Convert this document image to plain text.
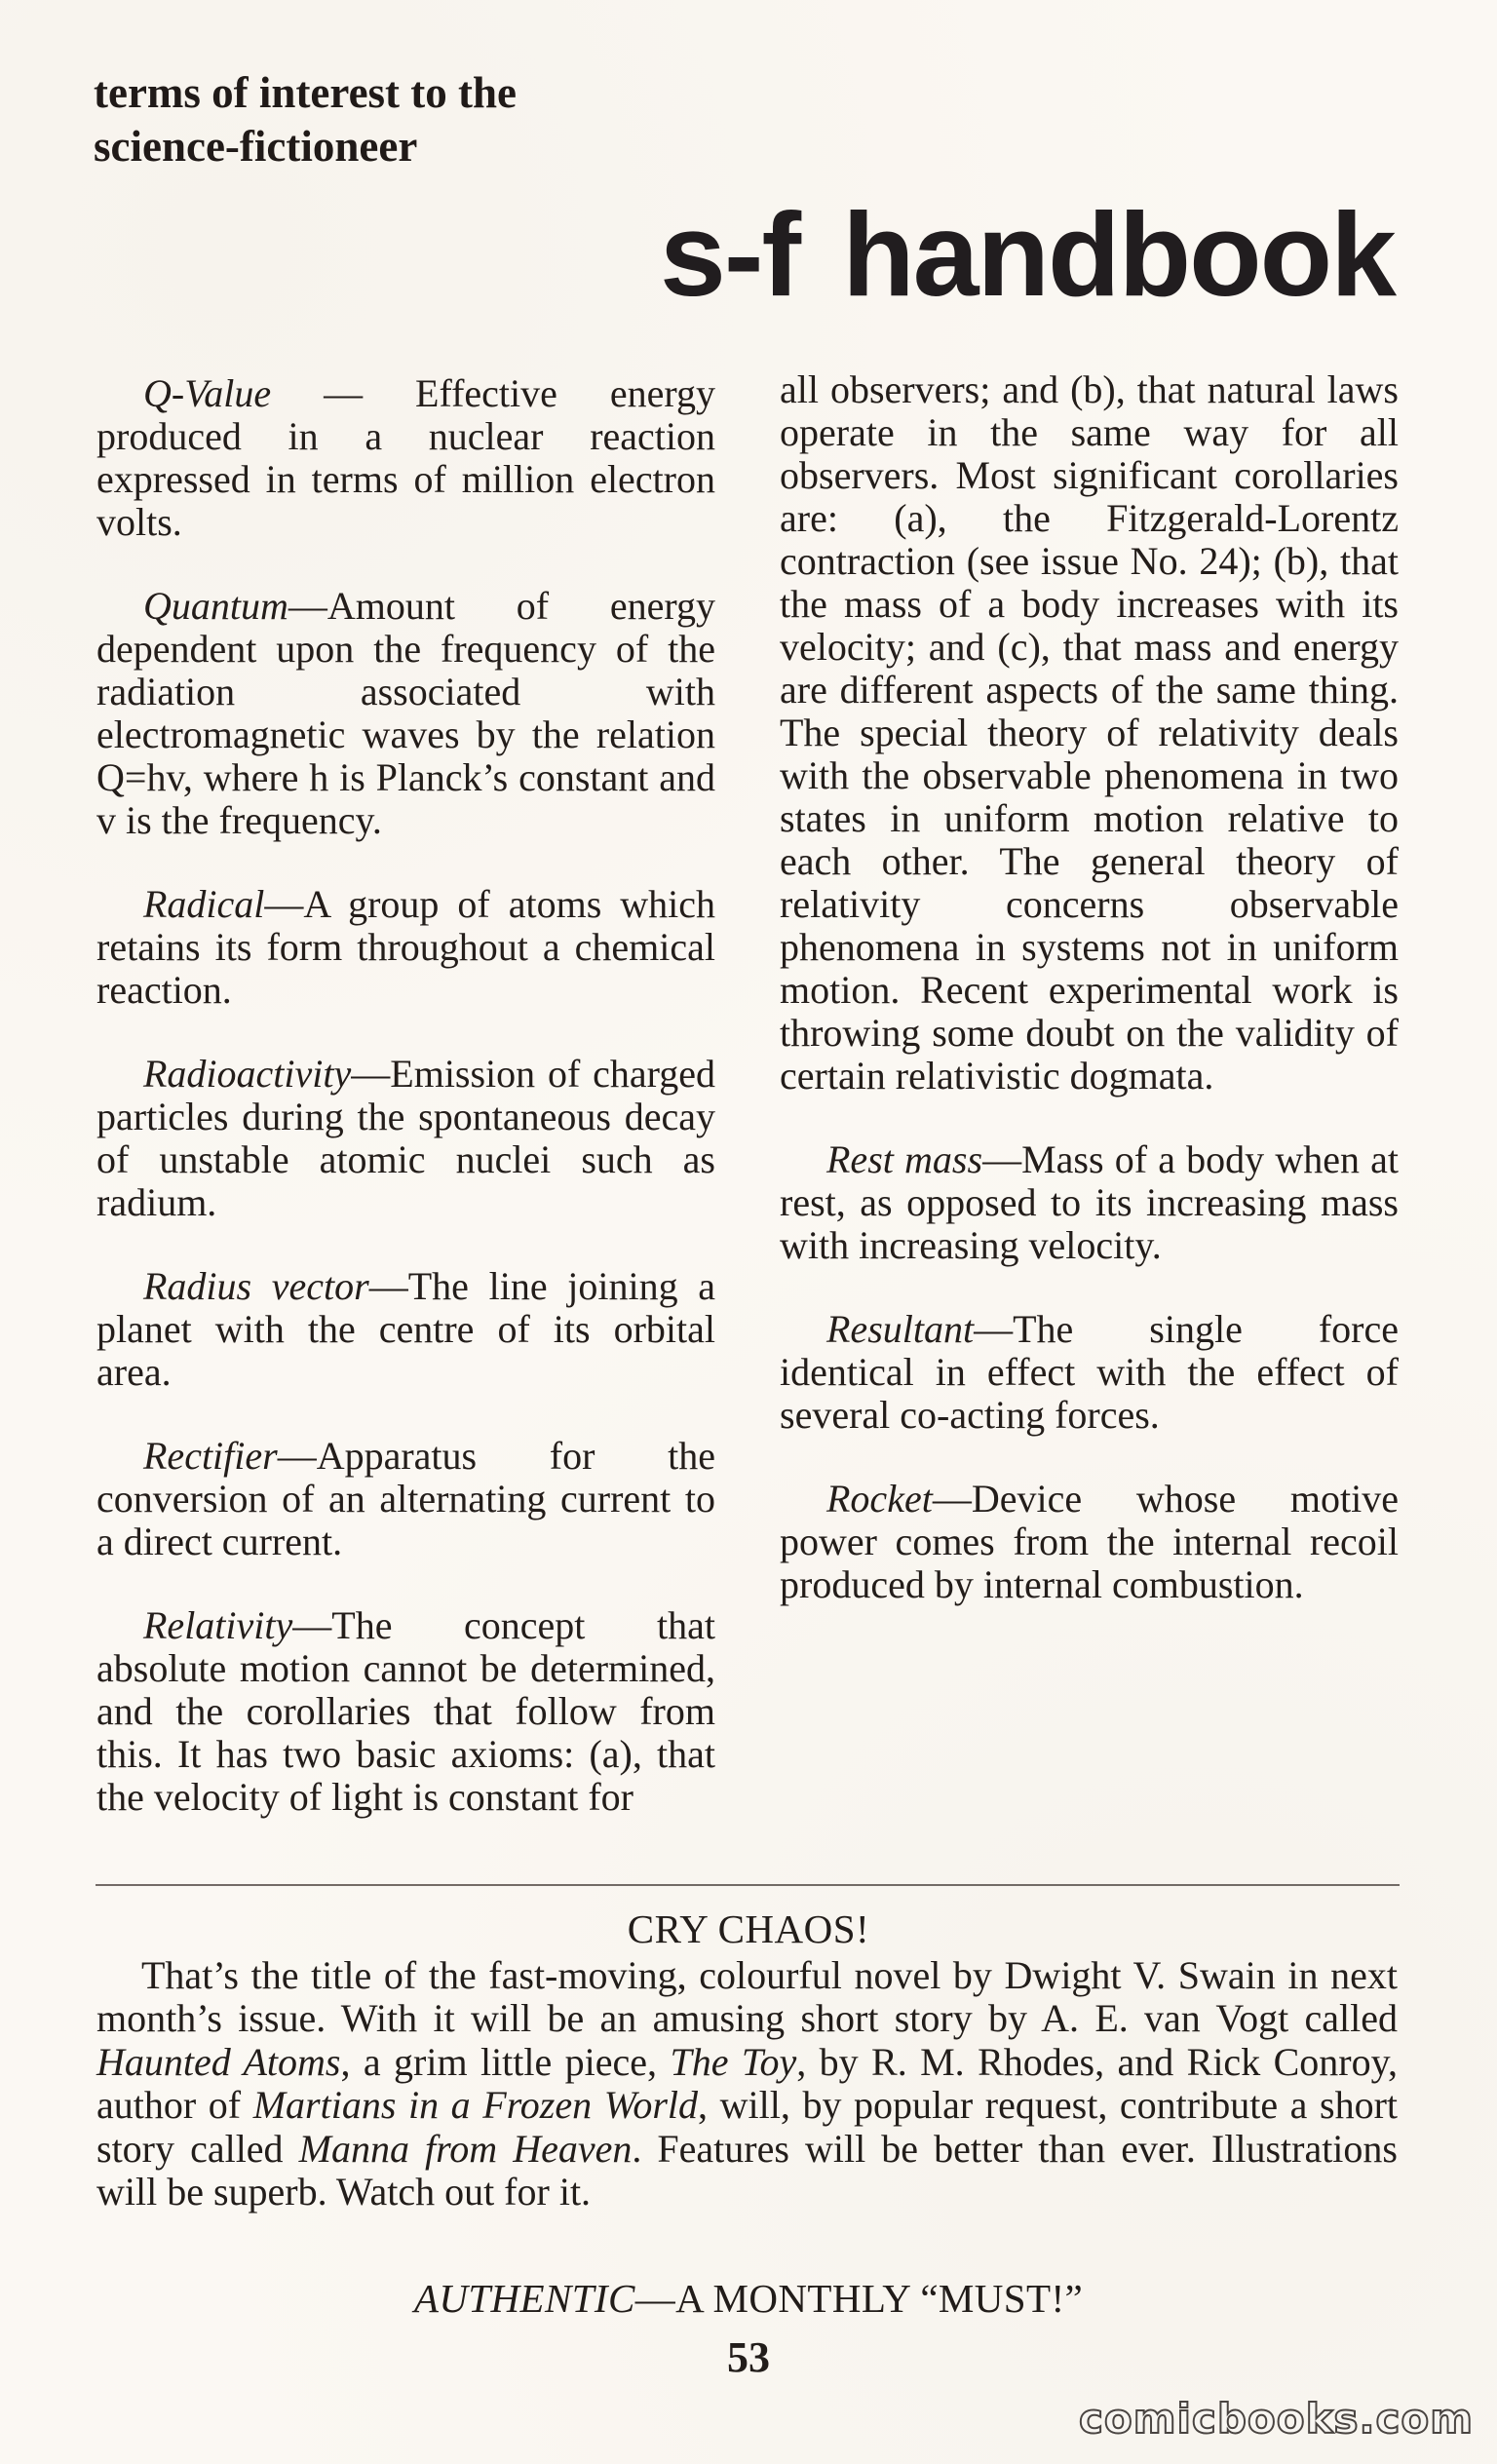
terms of interest to the
science-fictioneer
s-f handbook

Q-Value — Effective energy produced in a nuclear reaction expressed in terms of million electron volts.

Quantum—Amount of energy dependent upon the frequency of the radiation associated with electromagnetic waves by the relation Q=hv, where h is Planck’s constant and v is the frequency.

Radical—A group of atoms which retains its form throughout a chemical reaction.

Radioactivity—Emission of charged particles during the spontaneous decay of unstable atomic nuclei such as radium.

Radius vector—The line joining a planet with the centre of its orbital area.

Rectifier—Apparatus for the conversion of an alternating current to a direct current.

Relativity—The concept that absolute motion cannot be determined, and the corollaries that follow from this. It has two basic axioms: (a), that the velocity of light is constant for

all observers; and (b), that natural laws operate in the same way for all observers. Most significant corollaries are: (a), the Fitzgerald-Lorentz contraction (see issue No. 24); (b), that the mass of a body increases with its velocity; and (c), that mass and energy are different aspects of the same thing. The special theory of relativity deals with the observable phenomena in two states in uniform motion relative to each other. The general theory of relativity concerns observable phenomena in systems not in uniform motion. Recent experimental work is throwing some doubt on the validity of certain relativistic dogmata.

Rest mass—Mass of a body when at rest, as opposed to its increasing mass with increasing velocity.

Resultant—The single force identical in effect with the effect of several co-acting forces.

Rocket—Device whose motive power comes from the internal recoil produced by internal combustion.

CRY CHAOS!
That’s the title of the fast-moving, colourful novel by Dwight V. Swain in next month’s issue. With it will be an amusing short story by A. E. van Vogt called Haunted Atoms, a grim little piece, The Toy, by R. M. Rhodes, and Rick Conroy, author of Martians in a Frozen World, will, by popular request, contribute a short story called Manna from Heaven. Features will be better than ever. Illustrations will be superb. Watch out for it.
AUTHENTIC—A MONTHLY “MUST!”
53
comicbooks.com
